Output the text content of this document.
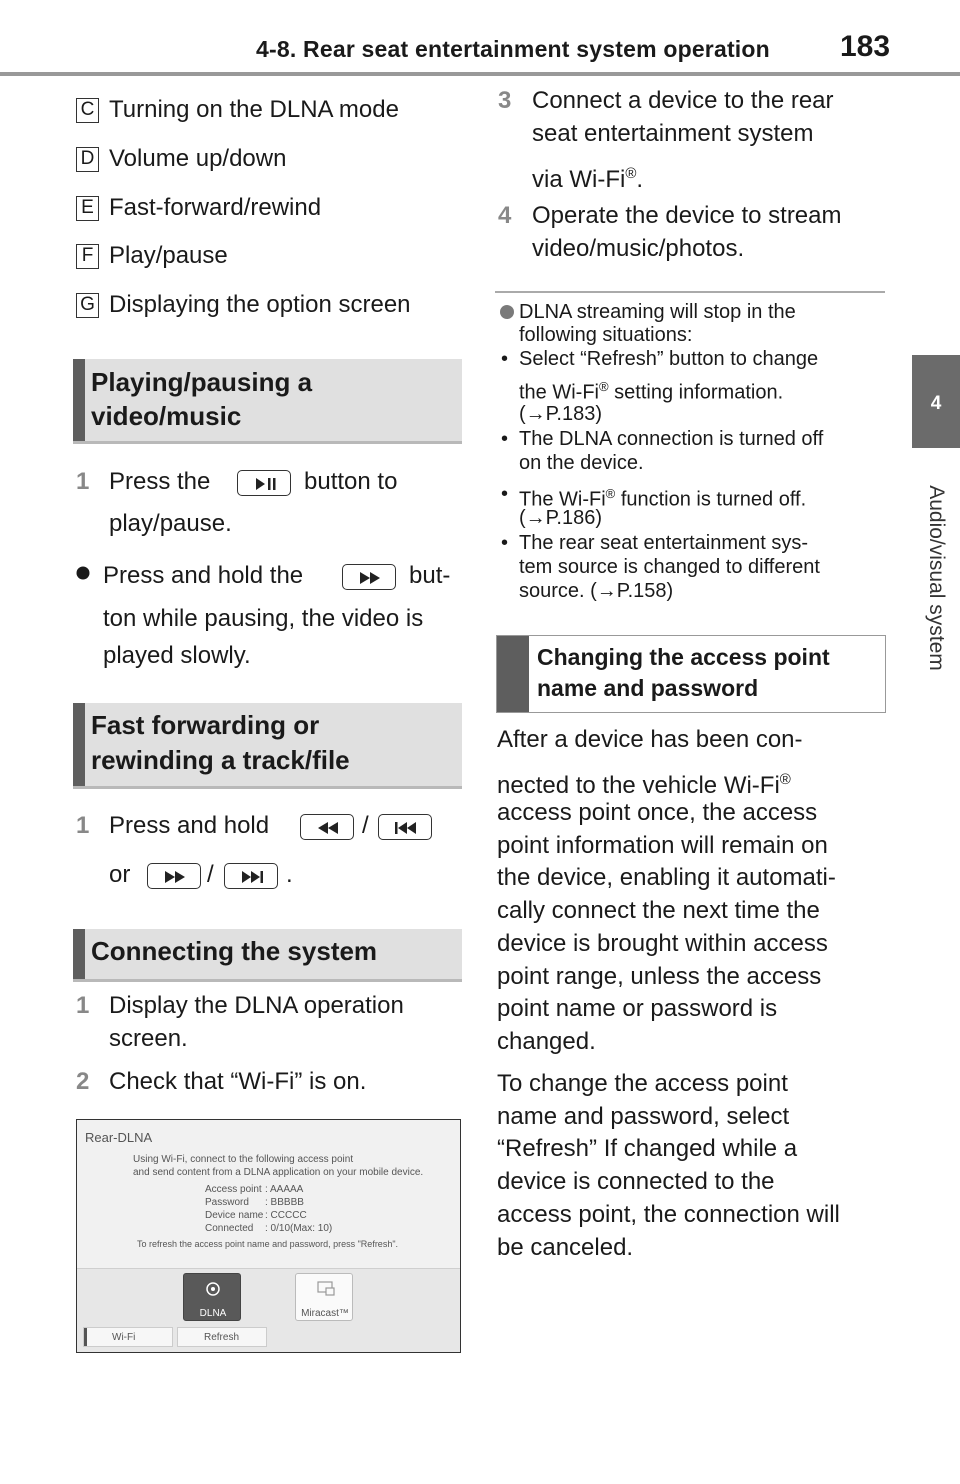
4-8. Rear seat entertainment system operation 183
4
Audio/visual system
C Turning on the DLNA mode
D Volume up/down
E Fast-forward/rewind
F Play/pause
G Displaying the option screen
Playing/pausing a
video/music
1 Press the	button to
play/pause.
Press and hold the	but-
ton while pausing, the video is
played slowly.
Fast forwarding or
rewinding a track/file
1 Press and hold	/
or	/	.
Connecting the system
1 Display the DLNA operation
screen.
2 Check that “Wi-Fi” is on.
Rear-DLNA
Using Wi-Fi, connect to the following access point
and send content from a DLNA application on your mobile device.
Access point : AAAAA
Password : BBBBB
Device name : CCCCC
Connected : 0/10(Max: 10)
To refresh the access point name and password, press "Refresh".
DLNA	Miracast™
Wi-Fi	Refresh
3 Connect a device to the rear
seat entertainment system
via Wi-Fi®.
4 Operate the device to stream
video/music/photos.
DLNA streaming will stop in the
following situations:
• Select “Refresh” button to change
the Wi-Fi® setting information.
(→P.183)
• The DLNA connection is turned off
on the device.
• The Wi-Fi® function is turned off.
(→P.186)
• The rear seat entertainment sys-
tem source is changed to different
source. (→P.158)
Changing the access point
name and password
After a device has been con-
nected to the vehicle Wi-Fi®
access point once, the access
point information will remain on
the device, enabling it automati-
cally connect the next time the
device is brought within access
point range, unless the access
point name or password is
changed.
To change the access point
name and password, select
“Refresh” If changed while a
device is connected to the
access point, the connection will
be canceled.
